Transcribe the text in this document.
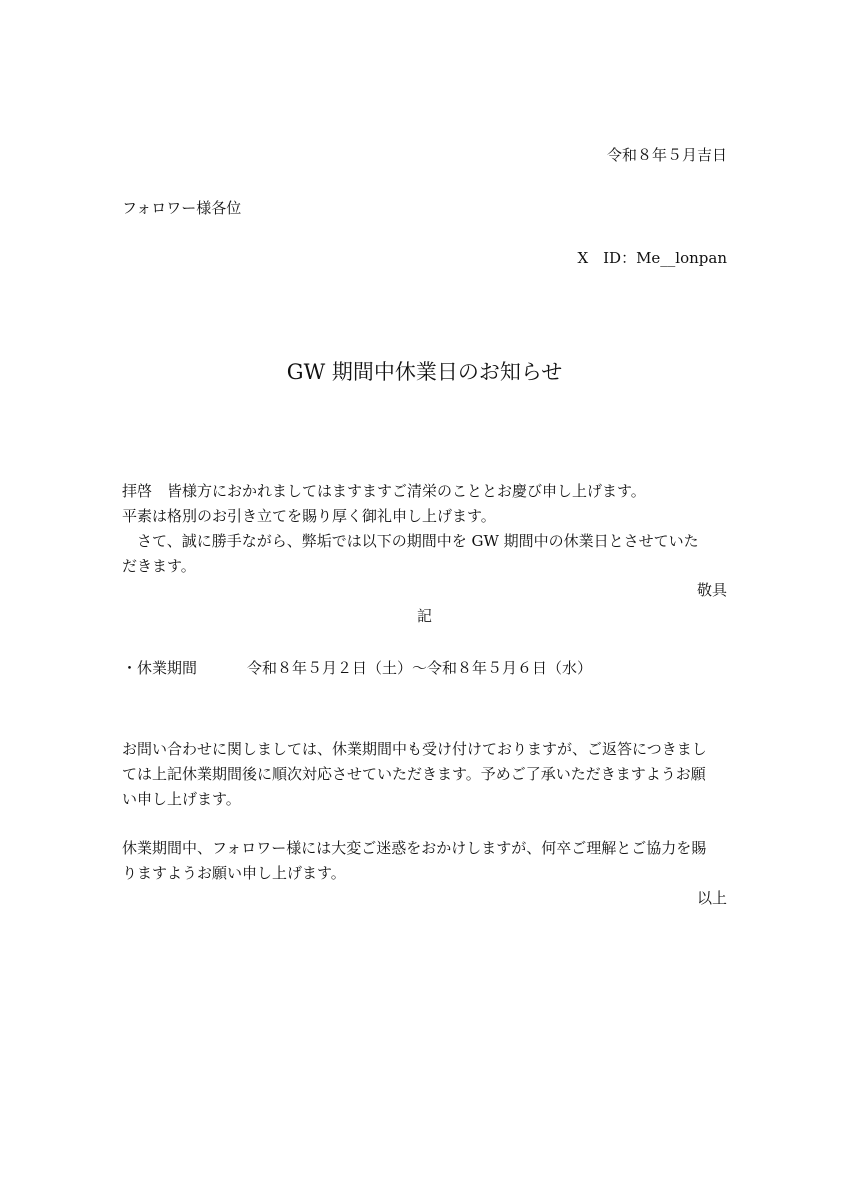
令和８年５月吉日
フォロワー様各位
X　ID：Me__lonpan
GW 期間中休業日のお知らせ
拝啓　皆様方におかれましてはますますご清栄のこととお慶び申し上げます。
平素は格別のお引き立てを賜り厚く御礼申し上げます。
　さて、誠に勝手ながら、弊垢では以下の期間中を GW 期間中の休業日とさせていた
だきます。
敬具
記
・休業期間	令和８年５月２日（土）〜令和８年５月６日（水）
お問い合わせに関しましては、休業期間中も受け付けておりますが、ご返答につきまし
ては上記休業期間後に順次対応させていただきます。予めご了承いただきますようお願
い申し上げます。
休業期間中、フォロワー様には大変ご迷惑をおかけしますが、何卒ご理解とご協力を賜
りますようお願い申し上げます。
以上
